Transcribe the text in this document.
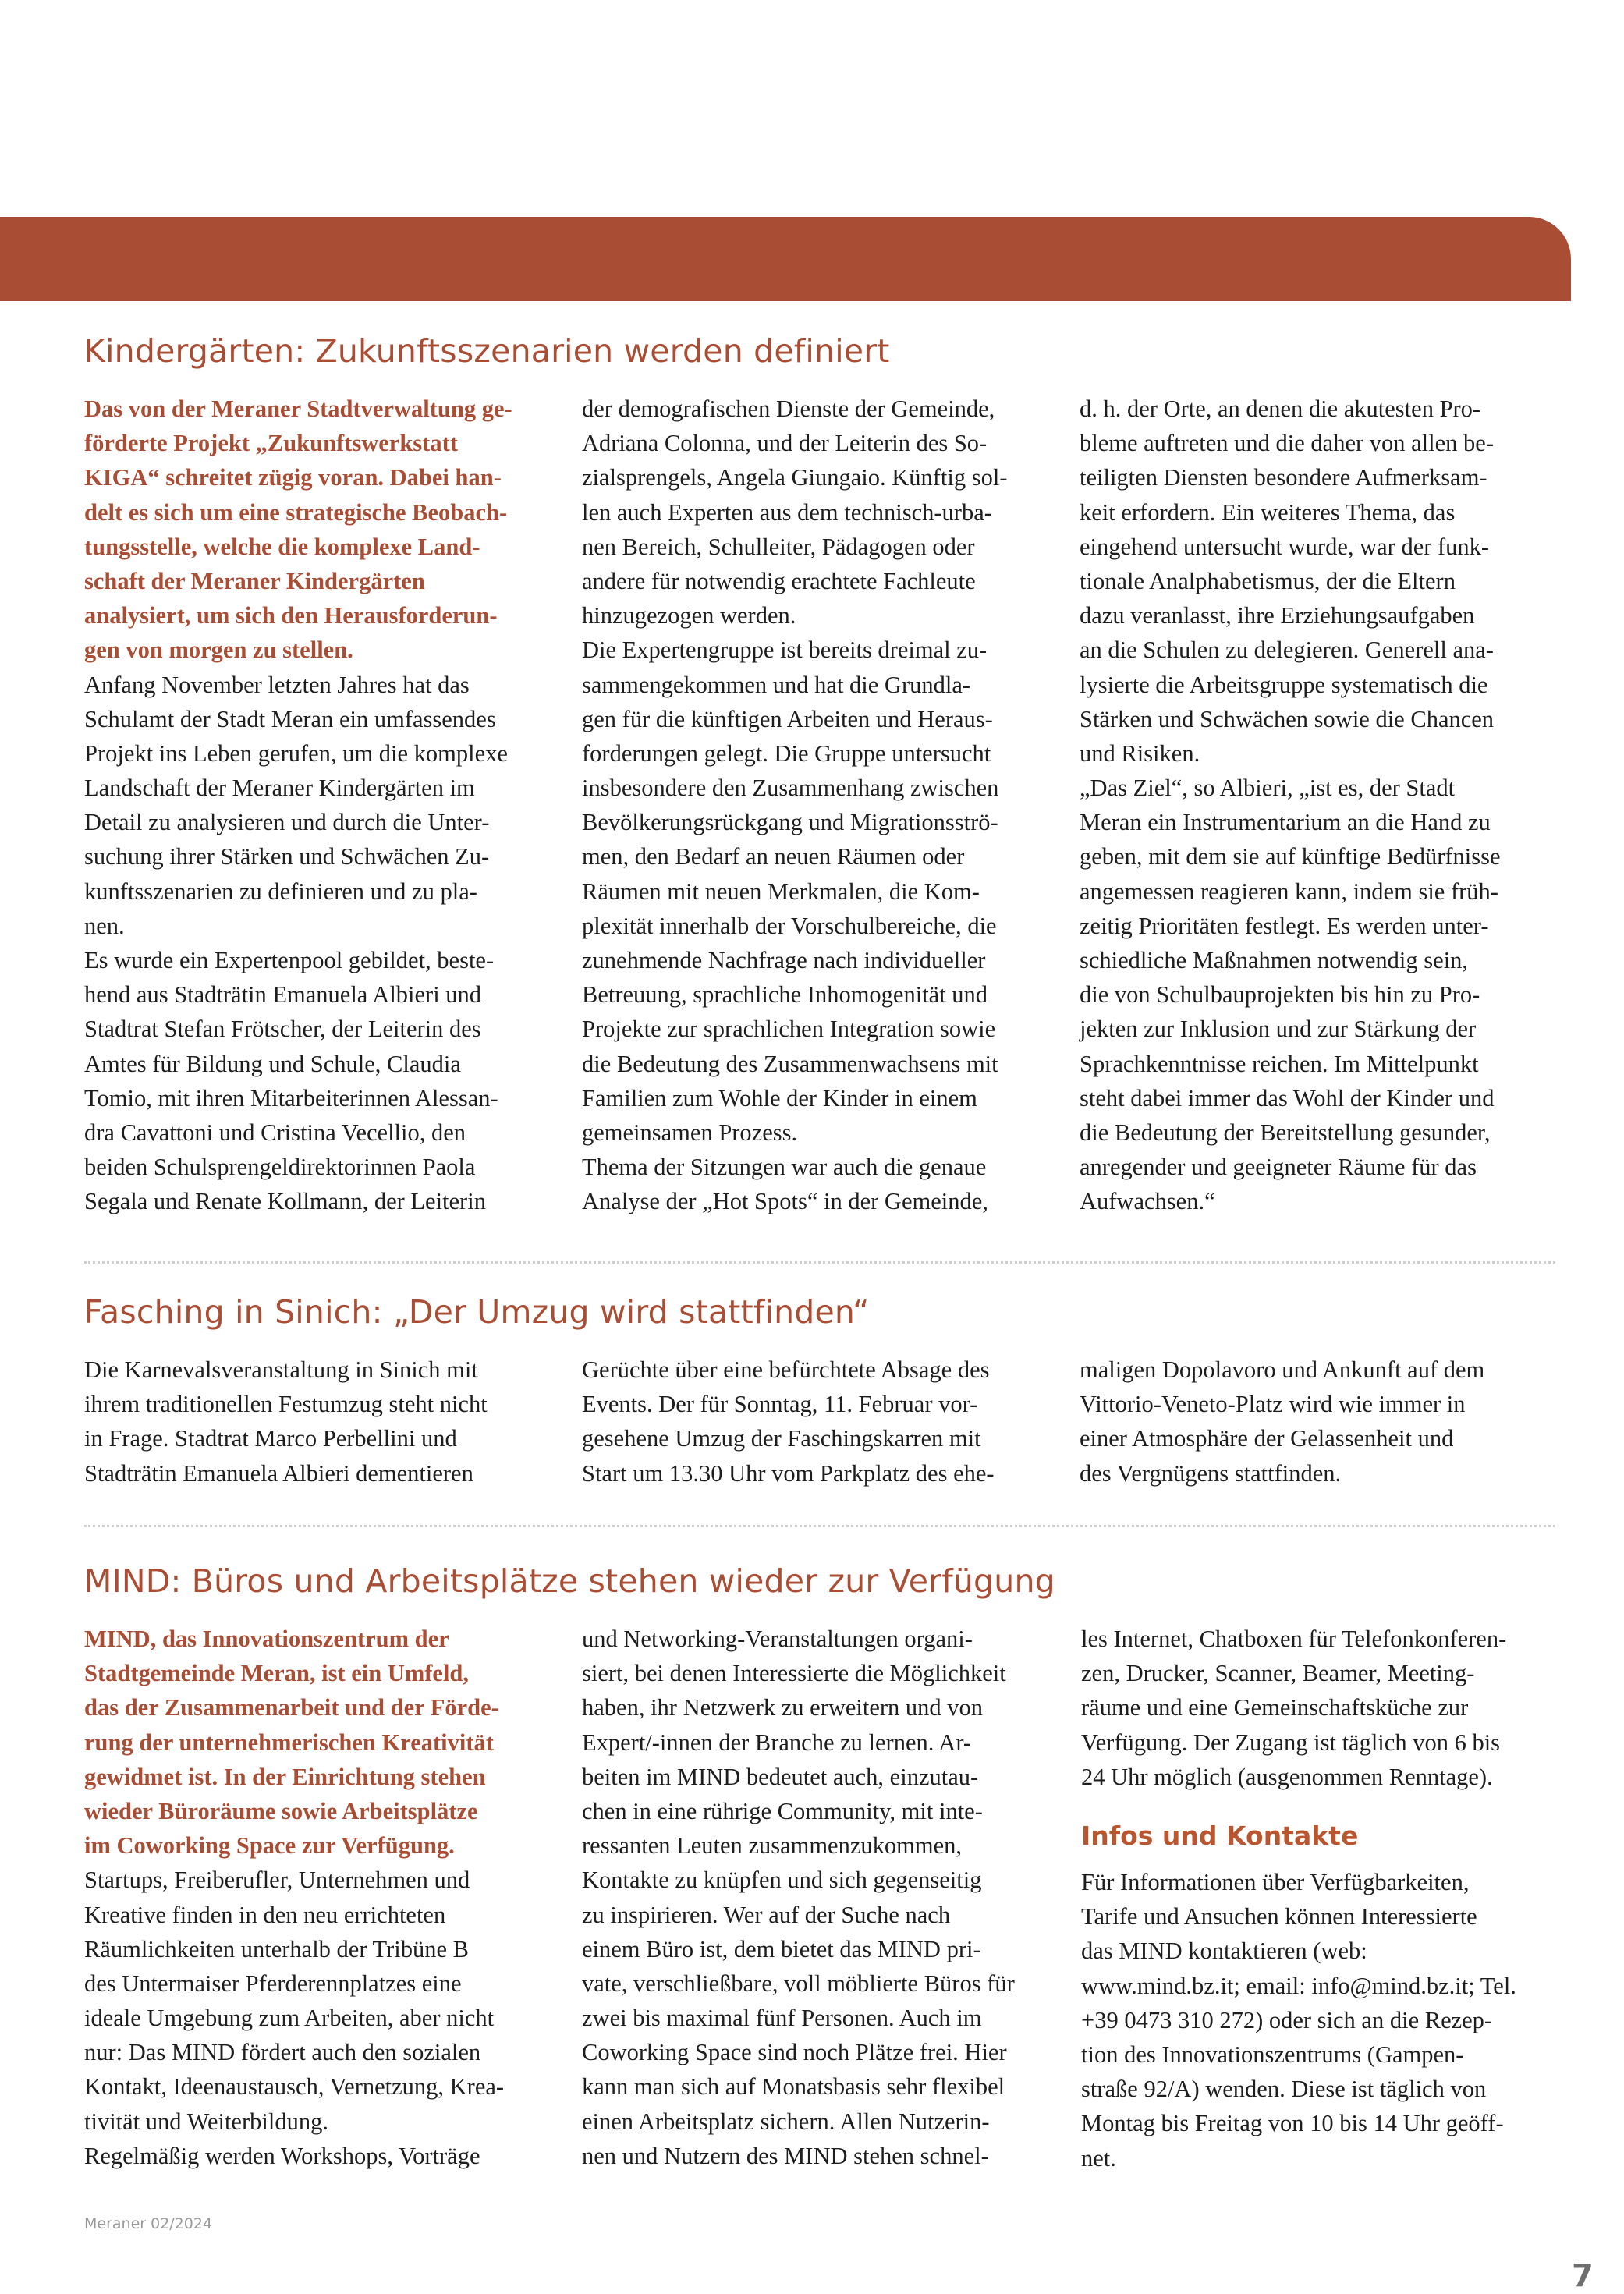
Kindergärten: Zukunftsszenarien werden definiert
Das von der Meraner Stadtverwaltung ge-
förderte Projekt „Zukunftswerkstatt
KIGA“ schreitet zügig voran. Dabei han-
delt es sich um eine strategische Beobach-
tungsstelle, welche die komplexe Land-
schaft der Meraner Kindergärten
analysiert, um sich den Herausforderun-
gen von morgen zu stellen.
Anfang November letzten Jahres hat das
Schulamt der Stadt Meran ein umfassendes
Projekt ins Leben gerufen, um die komplexe
Landschaft der Meraner Kindergärten im
Detail zu analysieren und durch die Unter-
suchung ihrer Stärken und Schwächen Zu-
kunftsszenarien zu definieren und zu pla-
nen.
Es wurde ein Expertenpool gebildet, beste-
hend aus Stadträtin Emanuela Albieri und
Stadtrat Stefan Frötscher, der Leiterin des
Amtes für Bildung und Schule, Claudia
Tomio, mit ihren Mitarbeiterinnen Alessan-
dra Cavattoni und Cristina Vecellio, den
beiden Schulsprengeldirektorinnen Paola
Segala und Renate Kollmann, der Leiterin
der demografischen Dienste der Gemeinde,
Adriana Colonna, und der Leiterin des So-
zialsprengels, Angela Giungaio. Künftig sol-
len auch Experten aus dem technisch-urba-
nen Bereich, Schulleiter, Pädagogen oder
andere für notwendig erachtete Fachleute
hinzugezogen werden.
Die Expertengruppe ist bereits dreimal zu-
sammengekommen und hat die Grundla-
gen für die künftigen Arbeiten und Heraus-
forderungen gelegt. Die Gruppe untersucht
insbesondere den Zusammenhang zwischen
Bevölkerungsrückgang und Migrationsströ-
men, den Bedarf an neuen Räumen oder
Räumen mit neuen Merkmalen, die Kom-
plexität innerhalb der Vorschulbereiche, die
zunehmende Nachfrage nach individueller
Betreuung, sprachliche Inhomogenität und
Projekte zur sprachlichen Integration sowie
die Bedeutung des Zusammenwachsens mit
Familien zum Wohle der Kinder in einem
gemeinsamen Prozess.
Thema der Sitzungen war auch die genaue
Analyse der „Hot Spots“ in der Gemeinde,
d. h. der Orte, an denen die akutesten Pro-
bleme auftreten und die daher von allen be-
teiligten Diensten besondere Aufmerksam-
keit erfordern. Ein weiteres Thema, das
eingehend untersucht wurde, war der funk-
tionale Analphabetismus, der die Eltern
dazu veranlasst, ihre Erziehungsaufgaben
an die Schulen zu delegieren. Generell ana-
lysierte die Arbeitsgruppe systematisch die
Stärken und Schwächen sowie die Chancen
und Risiken.
„Das Ziel“, so Albieri, „ist es, der Stadt
Meran ein Instrumentarium an die Hand zu
geben, mit dem sie auf künftige Bedürfnisse
angemessen reagieren kann, indem sie früh-
zeitig Prioritäten festlegt. Es werden unter-
schiedliche Maßnahmen notwendig sein,
die von Schulbauprojekten bis hin zu Pro-
jekten zur Inklusion und zur Stärkung der
Sprachkenntnisse reichen. Im Mittelpunkt
steht dabei immer das Wohl der Kinder und
die Bedeutung der Bereitstellung gesunder,
anregender und geeigneter Räume für das
Aufwachsen.“
Fasching in Sinich: „Der Umzug wird stattfinden“
Die Karnevalsveranstaltung in Sinich mit
ihrem traditionellen Festumzug steht nicht
in Frage. Stadtrat Marco Perbellini und
Stadträtin Emanuela Albieri dementieren
Gerüchte über eine befürchtete Absage des
Events. Der für Sonntag, 11. Februar vor-
gesehene Umzug der Faschingskarren mit
Start um 13.30 Uhr vom Parkplatz des ehe-
maligen Dopolavoro und Ankunft auf dem
Vittorio-Veneto-Platz wird wie immer in
einer Atmosphäre der Gelassenheit und
des Vergnügens stattfinden.
MIND: Büros und Arbeitsplätze stehen wieder zur Verfügung
MIND, das Innovationszentrum der
Stadtgemeinde Meran, ist ein Umfeld,
das der Zusammenarbeit und der Förde-
rung der unternehmerischen Kreativität
gewidmet ist. In der Einrichtung stehen
wieder Büroräume sowie Arbeitsplätze
im Coworking Space zur Verfügung.
Startups, Freiberufler, Unternehmen und
Kreative finden in den neu errichteten
Räumlichkeiten unterhalb der Tribüne B
des Untermaiser Pferderennplatzes eine
ideale Umgebung zum Arbeiten, aber nicht
nur: Das MIND fördert auch den sozialen
Kontakt, Ideenaustausch, Vernetzung, Krea-
tivität und Weiterbildung.
Regelmäßig werden Workshops, Vorträge
und Networking-Veranstaltungen organi-
siert, bei denen Interessierte die Möglichkeit
haben, ihr Netzwerk zu erweitern und von
Expert/-innen der Branche zu lernen. Ar-
beiten im MIND bedeutet auch, einzutau-
chen in eine rührige Community, mit inte-
ressanten Leuten zusammenzukommen,
Kontakte zu knüpfen und sich gegenseitig
zu inspirieren. Wer auf der Suche nach
einem Büro ist, dem bietet das MIND pri-
vate, verschließbare, voll möblierte Büros für
zwei bis maximal fünf Personen. Auch im
Coworking Space sind noch Plätze frei. Hier
kann man sich auf Monatsbasis sehr flexibel
einen Arbeitsplatz sichern. Allen Nutzerin-
nen und Nutzern des MIND stehen schnel-
les Internet, Chatboxen für Telefonkonferen-
zen, Drucker, Scanner, Beamer, Meeting-
räume und eine Gemeinschaftsküche zur
Verfügung. Der Zugang ist täglich von 6 bis
24 Uhr möglich (ausgenommen Renntage).
Infos und Kontakte
Für Informationen über Verfügbarkeiten,
Tarife und Ansuchen können Interessierte
das MIND kontaktieren (web:
www.mind.bz.it; email: info@mind.bz.it; Tel.
+39 0473 310 272) oder sich an die Rezep-
tion des Innovationszentrums (Gampen-
straße 92/A) wenden. Diese ist täglich von
Montag bis Freitag von 10 bis 14 Uhr geöff-
net.
Meraner 02/2024
7
